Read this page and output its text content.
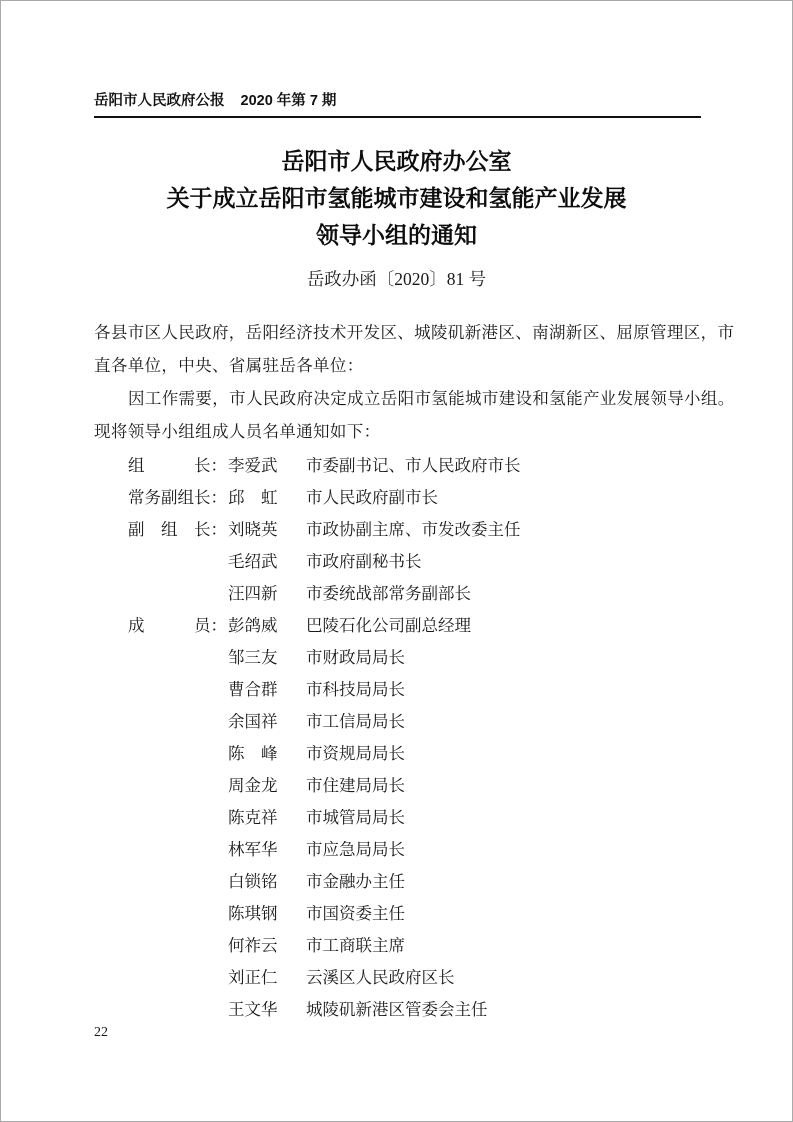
岳阳市人民政府公报 2020 年第 7 期
岳阳市人民政府办公室
关于成立岳阳市氢能城市建设和氢能产业发展
领导小组的通知
岳政办函〔2020〕81 号
各县市区人民政府，岳阳经济技术开发区、城陵矶新港区、南湖新区、屈原管理区，市
直各单位，中央、省属驻岳各单位：
因工作需要，市人民政府决定成立岳阳市氢能城市建设和氢能产业发展领导小组。
现将领导小组组成人员名单通知如下：
组　　　长： 李爱武	市委副书记、市人民政府市长
常务副组长： 邱　虹	市人民政府副市长
副　组　长： 刘晓英	市政协副主席、市发改委主任
毛绍武	市政府副秘书长
汪四新	市委统战部常务副部长
成　　　员： 彭鸽威	巴陵石化公司副总经理
邹三友	市财政局局长
曹合群	市科技局局长
余国祥	市工信局局长
陈　峰	市资规局局长
周金龙	市住建局局长
陈克祥	市城管局局长
林军华	市应急局局长
白锁铭	市金融办主任
陈琪钢	市国资委主任
何祚云	市工商联主席
刘正仁	云溪区人民政府区长
王文华	城陵矶新港区管委会主任
22
